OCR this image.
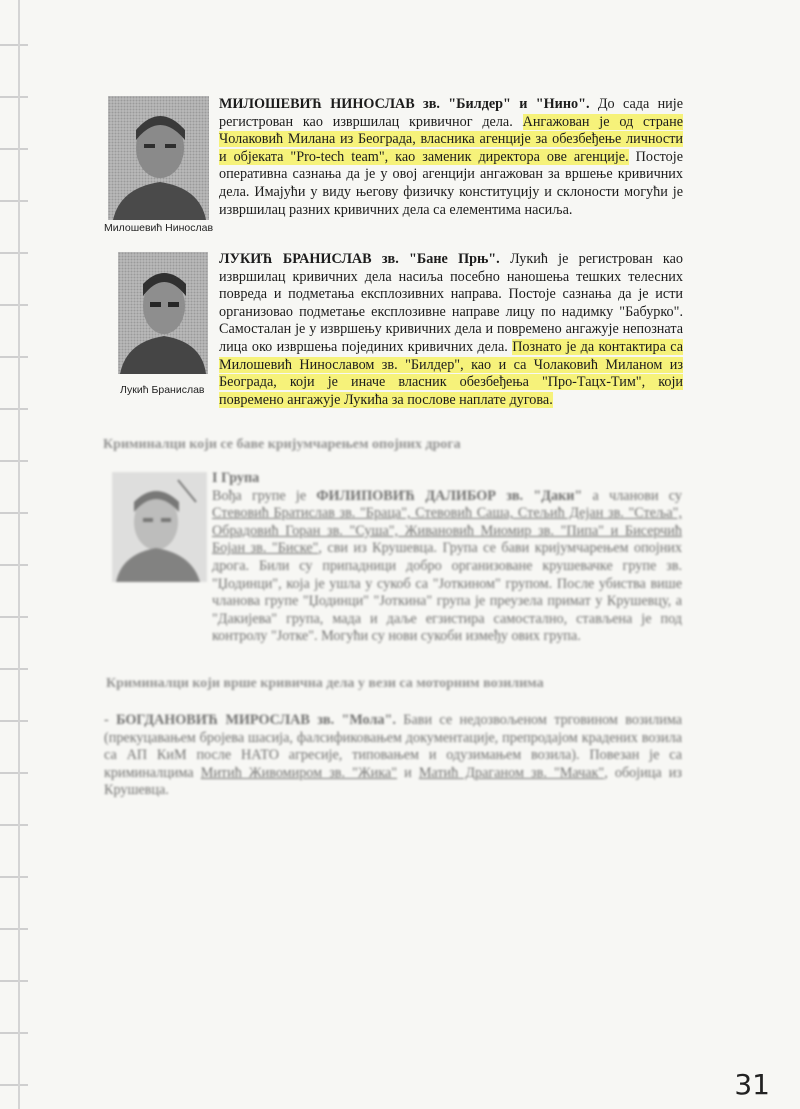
Милошевић Нинослав
МИЛОШЕВИЋ НИНОСЛАВ зв. "Билдер" и "Нино". До сада није регистрован као извршилац кривичног дела. Ангажован је од стране Чолаковић Милана из Београда, власника агенције за обезбеђење личности и објеката "Pro-tech team", као заменик директора ове агенције. Постоје оперативна сазнања да је у овој агенцији ангажован за вршење кривичних дела. Имајући у виду његову физичку конституцију и склоности могући је извршилац разних кривичних дела са елементима насиља.
Лукић Бранислав
ЛУКИЋ БРАНИСЛАВ зв. "Бане Прњ". Лукић је регистрован као извршилац кривичних дела насиља посебно наношења тешких телесних повреда и подметања експлозивних направа. Постоје сазнања да је исти организовао подметање експлозивне направе лицу по надимку "Бабурко". Самосталан је у извршењу кривичних дела и повремено ангажује непозната лица око извршења појединих кривичних дела. Познато је да контактира са Милошевић Нинославом зв. "Билдер", као и са Чолаковић Миланом из Београда, који је иначе власник обезбеђења "Про-Тацх-Тим", који повремено ангажује Лукића за послове наплате дугова.
Криминалци који се баве кријумчарењем опојних дрога
I Група
Вођа групе је ФИЛИПОВИЋ ДАЛИБОР зв. "Даки" а чланови су Стевовић Братислав зв. "Браца", Стевовић Саша, Стељић Дејан зв. "Стеља", Обрадовић Горан зв. "Суша", Живановић Миомир зв. "Пипа" и Бисерчић Бојан зв. "Биске", сви из Крушевца. Група се бави кријумчарењем опојних дрога. Били су припадници добро организоване крушевачке групе зв. "Џодинци", која је ушла у сукоб са "Јоткином" групом. После убиства више чланова групе "Џодинци" "Јоткина" група је преузела примат у Крушевцу, а "Дакијева" група, мада и даље егзистира самостално, стављена је под контролу "Јотке". Могући су нови сукоби између ових група.
Криминалци који врше кривична дела у вези са моторним возилима
- БОГДАНОВИЋ МИРОСЛАВ зв. "Мола". Бави се недозвољеном трговином возилима (прекуцавањем бројева шасија, фалсификовањем документације, препродајом крадених возила са АП КиМ после НАТО агресије, типовањем и одузимањем возила). Повезан је са криминалцима Митић Живомиром зв. "Жика" и Матић Драганом зв. "Мачак", обојица из Крушевца.
31
